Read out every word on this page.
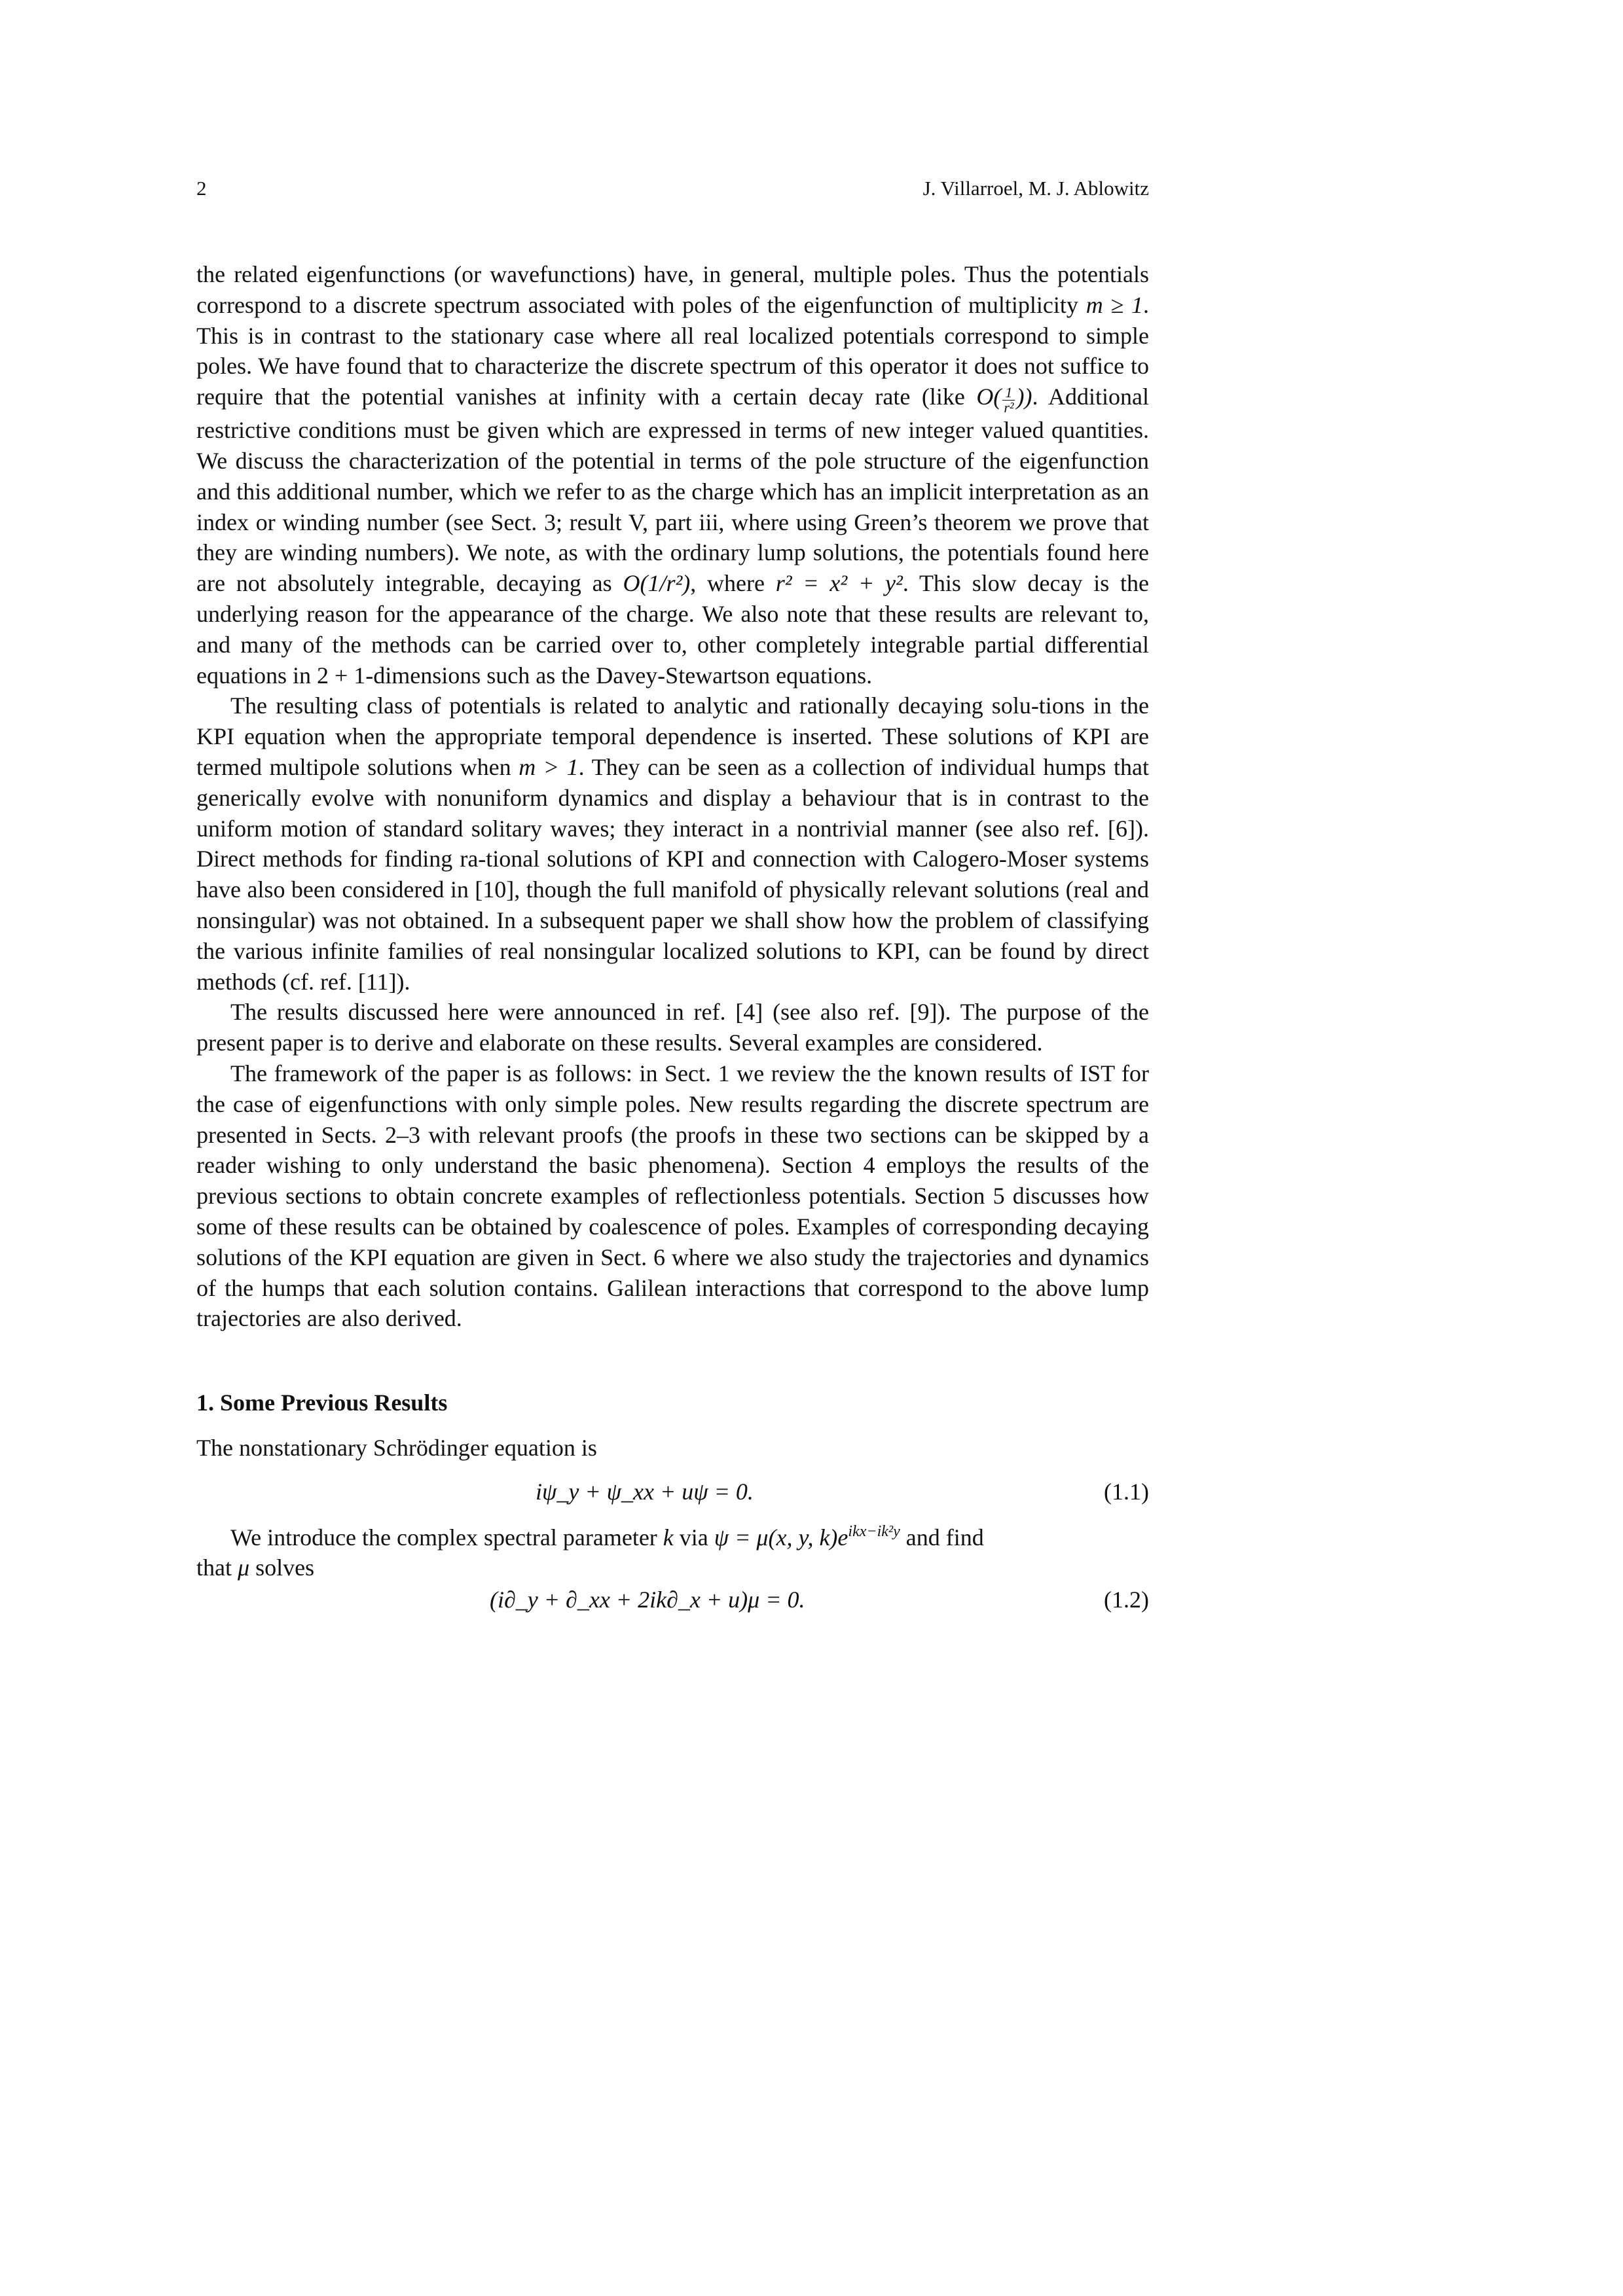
2	J. Villarroel, M. J. Ablowitz

the related eigenfunctions (or wavefunctions) have, in general, multiple poles. Thus the potentials correspond to a discrete spectrum associated with poles of the eigenfunction of multiplicity m ≥ 1. This is in contrast to the stationary case where all real localized potentials correspond to simple poles. We have found that to characterize the discrete spectrum of this operator it does not suffice to require that the potential vanishes at infinity with a certain decay rate (like $O( \frac{1}{\text{r²}}$ )). Additional restrictive conditions must be given which are expressed in terms of new integer valued quantities. We discuss the characterization of the potential in terms of the pole structure of the eigenfunction and this additional number, which we refer to as the charge which has an implicit interpretation as an index or winding number (see Sect. 3; result V, part iii, where using Green’s theorem we prove that they are winding numbers). We note, as with the ordinary lump solutions, the potentials found here are not absolutely integrable, decaying as O(1/r²), where r² = x² + y². This slow decay is the underlying reason for the appearance of the charge. We also note that these results are relevant to, and many of the methods can be carried over to, other completely integrable partial differential equations in 2 + 1-dimensions such as the Davey-Stewartson equations.

The resulting class of potentials is related to analytic and rationally decaying solu-tions in the KPI equation when the appropriate temporal dependence is inserted. These solutions of KPI are termed multipole solutions when m > 1. They can be seen as a collection of individual humps that generically evolve with nonuniform dynamics and display a behaviour that is in contrast to the uniform motion of standard solitary waves; they interact in a nontrivial manner (see also ref. [6]). Direct methods for finding ra-tional solutions of KPI and connection with Calogero-Moser systems have also been considered in [10], though the full manifold of physically relevant solutions (real and nonsingular) was not obtained. In a subsequent paper we shall show how the problem of classifying the various infinite families of real nonsingular localized solutions to KPI, can be found by direct methods (cf. ref. [11]).

The results discussed here were announced in ref. [4] (see also ref. [9]). The purpose of the present paper is to derive and elaborate on these results. Several examples are considered.

The framework of the paper is as follows: in Sect. 1 we review the the known results of IST for the case of eigenfunctions with only simple poles. New results regarding the discrete spectrum are presented in Sects. 2–3 with relevant proofs (the proofs in these two sections can be skipped by a reader wishing to only understand the basic phenomena). Section 4 employs the results of the previous sections to obtain concrete examples of reflectionless potentials. Section 5 discusses how some of these results can be obtained by coalescence of poles. Examples of corresponding decaying solutions of the KPI equation are given in Sect. 6 where we also study the trajectories and dynamics of the humps that each solution contains. Galilean interactions that correspond to the above lump trajectories are also derived.

1. Some Previous Results
The nonstationary Schrödinger equation is
iψ_y + ψ_xx + uψ = 0.	(1.1)
We introduce the complex spectral parameter k via ψ = μ(x, y, $k)e^{ikx-ik^2y}$ and find
that μ solves
(i∂_y + ∂_xx + 2ik∂_x + u)μ = 0.	(1.2)
